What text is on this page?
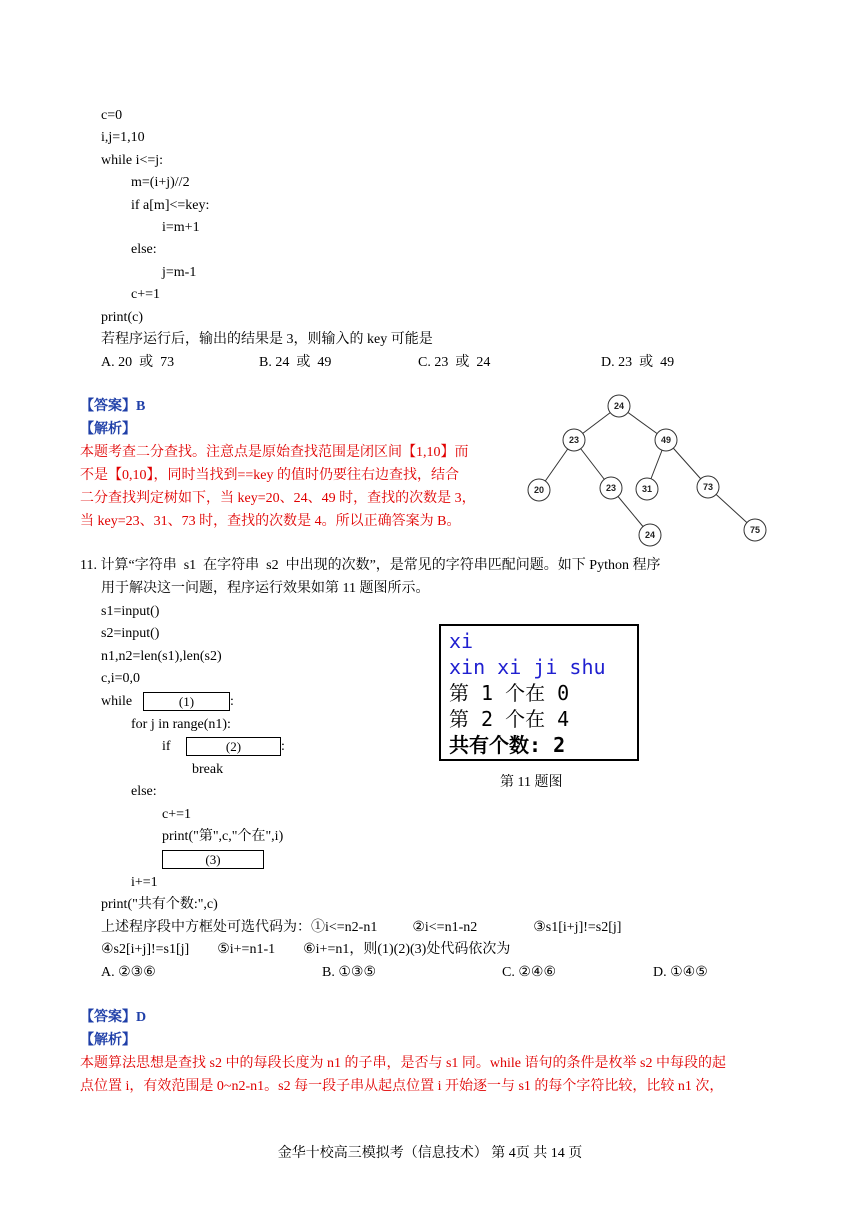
c=0
i,j=1,10
while i<=j:
m=(i+j)//2
if a[m]<=key:
i=m+1
else:
j=m-1
c+=1
print(c)
若程序运行后，输出的结果是 3，则输入的 key 可能是
A. 20  或  73	B. 24  或  49	C. 23  或  24	D. 23  或  49
【答案】B
【解析】
本题考查二分查找。注意点是原始查找范围是闭区间【1,10】而
不是【0,10】，同时当找到==key 的值时仍要往右边查找，结合
二分查找判定树如下，当 key=20、24、49 时，查找的次数是 3，
当 key=23、31、73 时，查找的次数是 4。所以正确答案为 B。
24
23	49
20	23	31	73
24	75
11. 计算“字符串  s1  在字符串  s2  中出现的次数”，是常见的字符串匹配问题。如下 Python 程序
用于解决这一问题，程序运行效果如第 11 题图所示。
s1=input()
s2=input()
n1,n2=len(s1),len(s2)
c,i=0,0
while	(1)	:
for j in range(n1):
if	(2)	:
break
else:
c+=1
print("第",c,"个在",i)
(3)
i+=1
print("共有个数:",c)
上述程序段中方框处可选代码为：①i<=n2-n1          ②i<=n1-n2                ③s1[i+j]!=s2[j]
④s2[i+j]!=s1[j]        ⑤i+=n1-1        ⑥i+=n1，则(1)(2)(3)处代码依次为
A. ②③⑥	B. ①③⑤	C. ②④⑥	D. ①④⑤
xi
xin xi ji shu
第 1 个在 0
第 2 个在 4
共有个数: 2
第 11 题图
【答案】D
【解析】
本题算法思想是查找 s2 中的每段长度为 n1 的子串，是否与 s1 同。while 语句的条件是枚举 s2 中每段的起
点位置 i，有效范围是 0~n2-n1。s2 每一段子串从起点位置 i 开始逐一与 s1 的每个字符比较，比较 n1 次，
金华十校高三模拟考（信息技术） 第 4页 共 14 页
